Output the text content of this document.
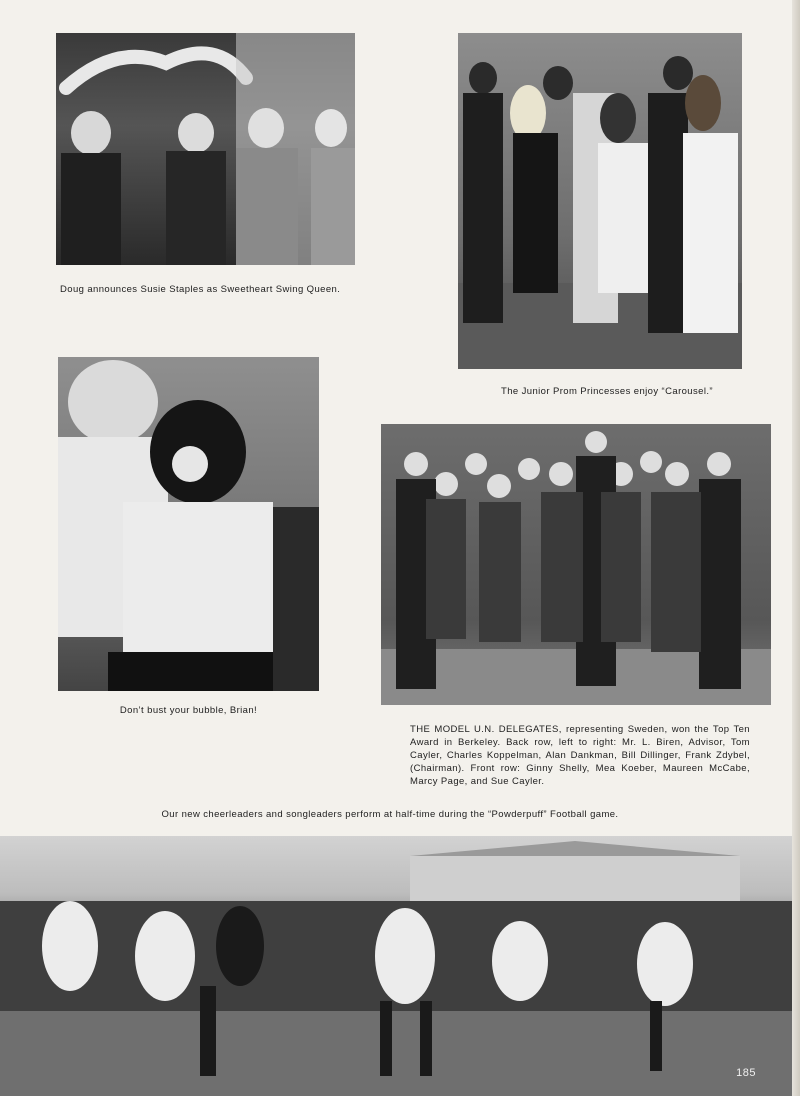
Doug announces Susie Staples as Sweetheart Swing Queen.
The Junior Prom Princesses enjoy “Carousel.”
Don’t bust your bubble, Brian!
THE MODEL U.N. DELEGATES, representing Sweden, won the Top Ten Award in Berkeley. Back row, left to right: Mr. L. Biren, Advisor, Tom Cayler, Charles Koppelman, Alan Dankman, Bill Dillinger, Frank Zdybel, (Chairman). Front row: Ginny Shelly, Mea Koeber, Maureen McCabe, Marcy Page, and Sue Cayler.
Our new cheerleaders and songleaders perform at half-time during the “Powderpuff” Football game.
185
